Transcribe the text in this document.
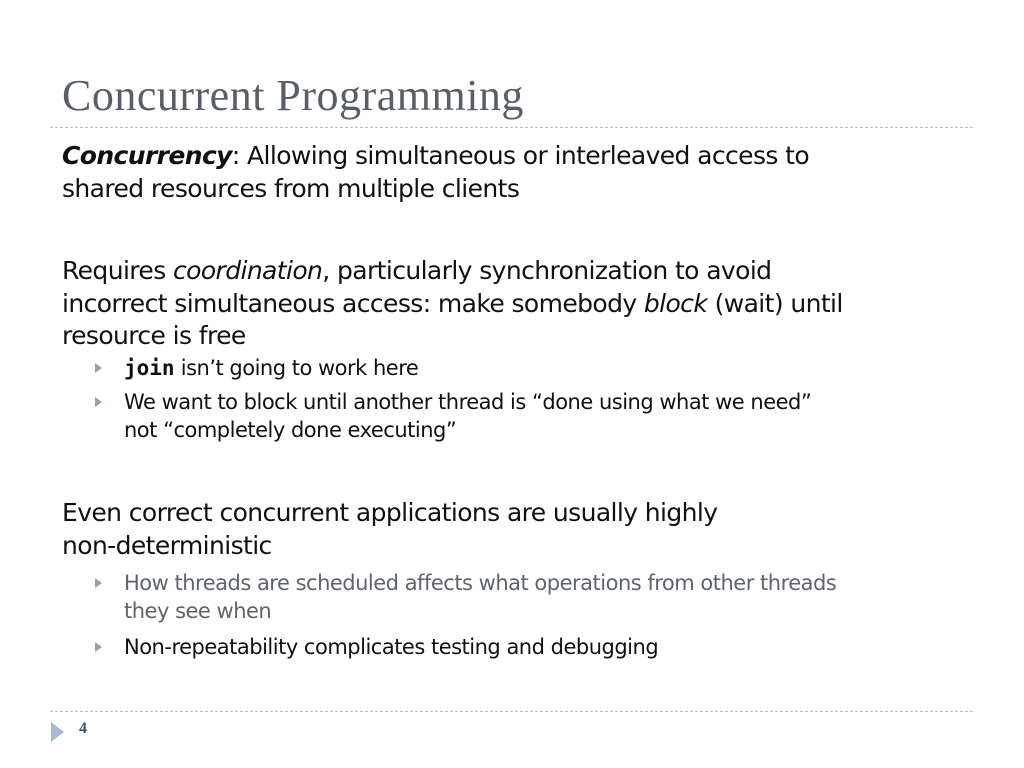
Concurrent Programming

Concurrency: Allowing simultaneous or interleaved access to
shared resources from multiple clients

Requires coordination, particularly synchronization to avoid
incorrect simultaneous access: make somebody block (wait) until
resource is free

join isn’t going to work here
We want to block until another thread is “done using what we need”
not “completely done executing”

Even correct concurrent applications are usually highly
non-deterministic

How threads are scheduled affects what operations from other threads
they see when
Non-repeatability complicates testing and debugging
4
